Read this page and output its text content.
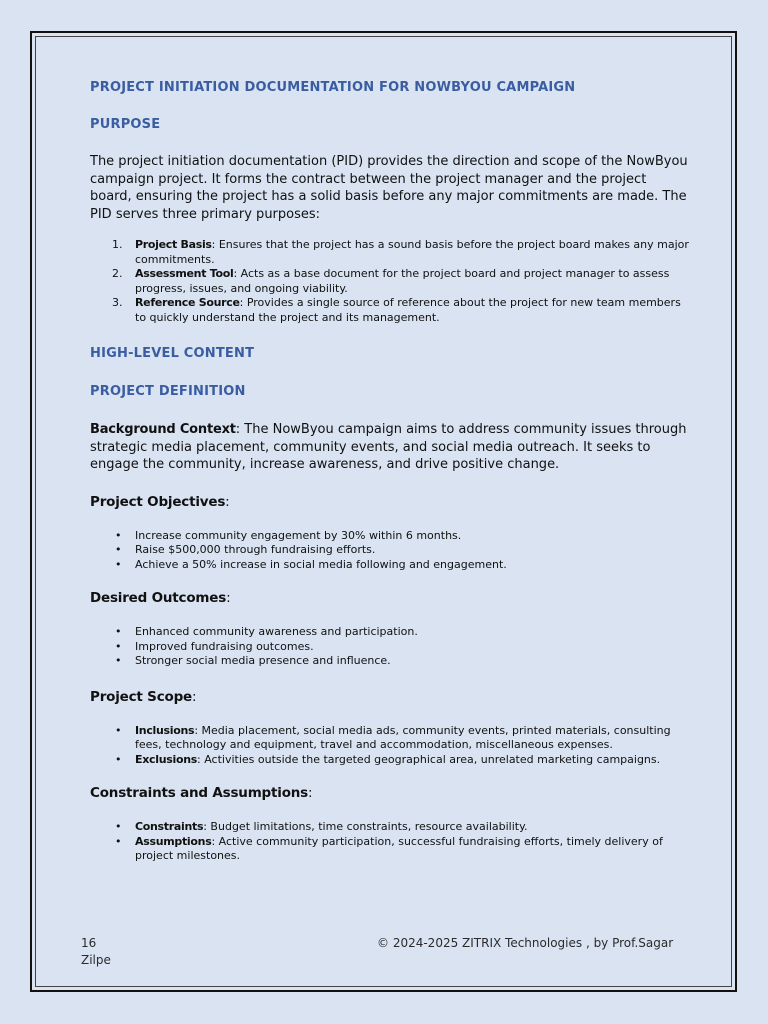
PROJECT INITIATION DOCUMENTATION FOR NOWBYOU CAMPAIGN
PURPOSE

The project initiation documentation (PID) provides the direction and scope of the NowByou campaign project. It forms the contract between the project manager and the project board, ensuring the project has a solid basis before any major commitments are made. The PID serves three primary purposes:

1. Project Basis: Ensures that the project has a sound basis before the project board makes any major commitments.
2. Assessment Tool: Acts as a base document for the project board and project manager to assess progress, issues, and ongoing viability.
3. Reference Source: Provides a single source of reference about the project for new team members to quickly understand the project and its management.
HIGH-LEVEL CONTENT
PROJECT DEFINITION

Background Context: The NowByou campaign aims to address community issues through strategic media placement, community events, and social media outreach. It seeks to engage the community, increase awareness, and drive positive change.

Project Objectives:
• Increase community engagement by 30% within 6 months.
• Raise $500,000 through fundraising efforts.
• Achieve a 50% increase in social media following and engagement.
Desired Outcomes:
• Enhanced community awareness and participation.
• Improved fundraising outcomes.
• Stronger social media presence and influence.
Project Scope:
• Inclusions: Media placement, social media ads, community events, printed materials, consulting fees, technology and equipment, travel and accommodation, miscellaneous expenses.
• Exclusions: Activities outside the targeted geographical area, unrelated marketing campaigns.
Constraints and Assumptions:
• Constraints: Budget limitations, time constraints, resource availability.
• Assumptions: Active community participation, successful fundraising efforts, timely delivery of project milestones.
16
Zilpe
© 2024-2025 ZITRIX Technologies , by Prof.Sagar
